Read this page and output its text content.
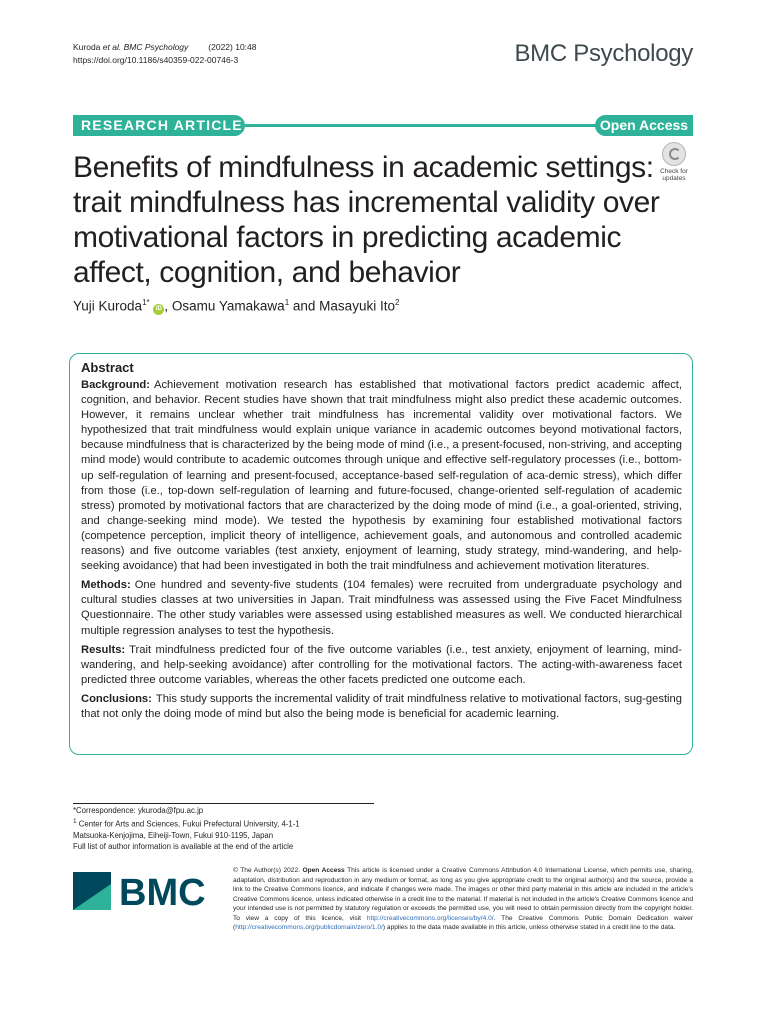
Kuroda et al. BMC Psychology (2022) 10:48
https://doi.org/10.1186/s40359-022-00746-3	BMC Psychology
RESEARCH ARTICLE	Open Access
Benefits of mindfulness in academic settings: trait mindfulness has incremental validity over motivational factors in predicting academic affect, cognition, and behavior
Check for updates
Yuji Kuroda$^{1*}$ iD , Osamu Yamakawa$^1$ and Masayuki Ito$^2$
Abstract

Background: Achievement motivation research has established that motivational factors predict academic affect, cognition, and behavior. Recent studies have shown that trait mindfulness might also predict these academic outcomes. However, it remains unclear whether trait mindfulness has incremental validity over motivational factors. We hypothesized that trait mindfulness would explain unique variance in academic outcomes beyond motivational factors, because mindfulness that is characterized by the being mode of mind (i.e., a present-focused, non-striving, and accepting mind mode) would contribute to academic outcomes through unique and effective self-regulatory processes (i.e., bottom-up self-regulation of learning and present-focused, acceptance-based self-regulation of aca-demic stress), which differ from those (i.e., top-down self-regulation of learning and future-focused, change-oriented self-regulation of academic stress) promoted by motivational factors that are characterized by the doing mode of mind (i.e., a goal-oriented, striving, and change-seeking mind mode). We tested the hypothesis by examining four established motivational factors (competence perception, implicit theory of intelligence, achievement goals, and autonomous and controlled academic reasons) and five outcome variables (test anxiety, enjoyment of learning, study strategy, mind-wandering, and help-seeking avoidance) that had been investigated in both the trait mindfulness and achievement motivation literatures.

Methods: One hundred and seventy-five students (104 females) were recruited from undergraduate psychology and cultural studies classes at two universities in Japan. Trait mindfulness was assessed using the Five Facet Mindfulness Questionnaire. The other study variables were assessed using established measures as well. We conducted hierarchical multiple regression analyses to test the hypothesis.

Results: Trait mindfulness predicted four of the five outcome variables (i.e., test anxiety, enjoyment of learning, mind-wandering, and help-seeking avoidance) after controlling for the motivational factors. The acting-with-awareness facet predicted three outcome variables, whereas the other facets predicted one outcome each.

Conclusions: This study supports the incremental validity of trait mindfulness relative to motivational factors, sug-gesting that not only the doing mode of mind but also the being mode is beneficial for academic learning.

*Correspondence: ykuroda@fpu.ac.jp
$^1$ Center for Arts and Sciences, Fukui Prefectural University, 4-1-1
Matsuoka-Kenjojima, Eiheiji-Town, Fukui 910-1195, Japan
Full list of author information is available at the end of the article
BMC
© The Author(s) 2022. Open Access This article is licensed under a Creative Commons Attribution 4.0 International License, which permits use, sharing, adaptation, distribution and reproduction in any medium or format, as long as you give appropriate credit to the original author(s) and the source, provide a link to the Creative Commons licence, and indicate if changes were made. The images or other third party material in this article are included in the article's Creative Commons licence, unless indicated otherwise in a credit line to the material. If material is not included in the article's Creative Commons licence and your intended use is not permitted by statutory regulation or exceeds the permitted use, you will need to obtain permission directly from the copyright holder. To view a copy of this licence, visit http://creativecommons.org/licenses/by/4.0/. The Creative Commons Public Domain Dedication waiver (http://creativecommons.org/publicdomain/zero/1.0/) applies to the data made available in this article, unless otherwise stated in a credit line to the data.
